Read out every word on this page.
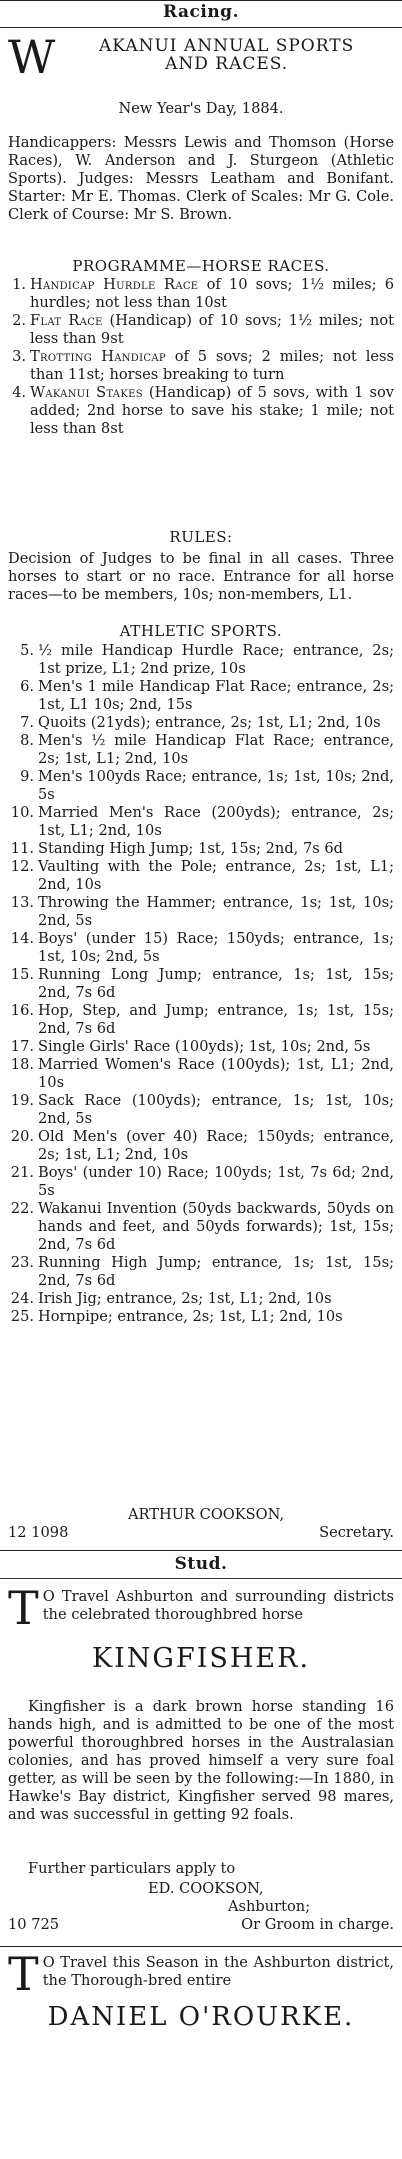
Racing.
W	AKANUI ANNUAL SPORTS
AND RACES.
New Year's Day, 1884.
Handicappers: Messrs Lewis and Thomson (Horse Races), W. Anderson and J. Sturgeon (Athletic Sports). Judges: Messrs Leatham and Bonifant. Starter: Mr E. Thomas. Clerk of Scales: Mr G. Cole. Clerk of Course: Mr S. Brown.
PROGRAMME—HORSE RACES.
1. Handicap Hurdle Race of 10 sovs; 1½ miles; 6 hurdles; not less than 10st
2. Flat Race (Handicap) of 10 sovs; 1½ miles; not less than 9st
3. Trotting Handicap of 5 sovs; 2 miles; not less than 11st; horses breaking to turn
4. Wakanui Stakes (Handicap) of 5 sovs, with 1 sov added; 2nd horse to save his stake; 1 mile; not less than 8st
RULES:
Decision of Judges to be final in all cases. Three horses to start or no race. Entrance for all horse races—to be members, 10s; non-members, L1.
ATHLETIC SPORTS.
5. ½ mile Handicap Hurdle Race; entrance, 2s; 1st prize, L1; 2nd prize, 10s
6. Men's 1 mile Handicap Flat Race; entrance, 2s; 1st, L1 10s; 2nd, 15s
7. Quoits (21yds); entrance, 2s; 1st, L1; 2nd, 10s
8. Men's ½ mile Handicap Flat Race; entrance, 2s; 1st, L1; 2nd, 10s
9. Men's 100yds Race; entrance, 1s; 1st, 10s; 2nd, 5s
10. Married Men's Race (200yds); entrance, 2s; 1st, L1; 2nd, 10s
11. Standing High Jump; 1st, 15s; 2nd, 7s 6d
12. Vaulting with the Pole; entrance, 2s; 1st, L1; 2nd, 10s
13. Throwing the Hammer; entrance, 1s; 1st, 10s; 2nd, 5s
14. Boys' (under 15) Race; 150yds; entrance, 1s; 1st, 10s; 2nd, 5s
15. Running Long Jump; entrance, 1s; 1st, 15s; 2nd, 7s 6d
16. Hop, Step, and Jump; entrance, 1s; 1st, 15s; 2nd, 7s 6d
17. Single Girls' Race (100yds); 1st, 10s; 2nd, 5s
18. Married Women's Race (100yds); 1st, L1; 2nd, 10s
19. Sack Race (100yds); entrance, 1s; 1st, 10s; 2nd, 5s
20. Old Men's (over 40) Race; 150yds; entrance, 2s; 1st, L1; 2nd, 10s
21. Boys' (under 10) Race; 100yds; 1st, 7s 6d; 2nd, 5s
22. Wakanui Invention (50yds backwards, 50yds on hands and feet, and 50yds forwards); 1st, 15s; 2nd, 7s 6d
23. Running High Jump; entrance, 1s; 1st, 15s; 2nd, 7s 6d
24. Irish Jig; entrance, 2s; 1st, L1; 2nd, 10s
25. Hornpipe; entrance, 2s; 1st, L1; 2nd, 10s
ARTHUR COOKSON,
12 1098	Secretary.
Stud.
T O Travel Ashburton and surrounding districts the celebrated thoroughbred horse
KINGFISHER.
Kingfisher is a dark brown horse standing 16 hands high, and is admitted to be one of the most powerful thoroughbred horses in the Australasian colonies, and has proved himself a very sure foal getter, as will be seen by the following:—In 1880, in Hawke's Bay district, Kingfisher served 98 mares, and was successful in getting 92 foals.
Further particulars apply to
ED. COOKSON,
Ashburton;
10 725	Or Groom in charge.
T O Travel this Season in the Ashburton district, the Thorough-bred entire
DANIEL O'ROURKE.
